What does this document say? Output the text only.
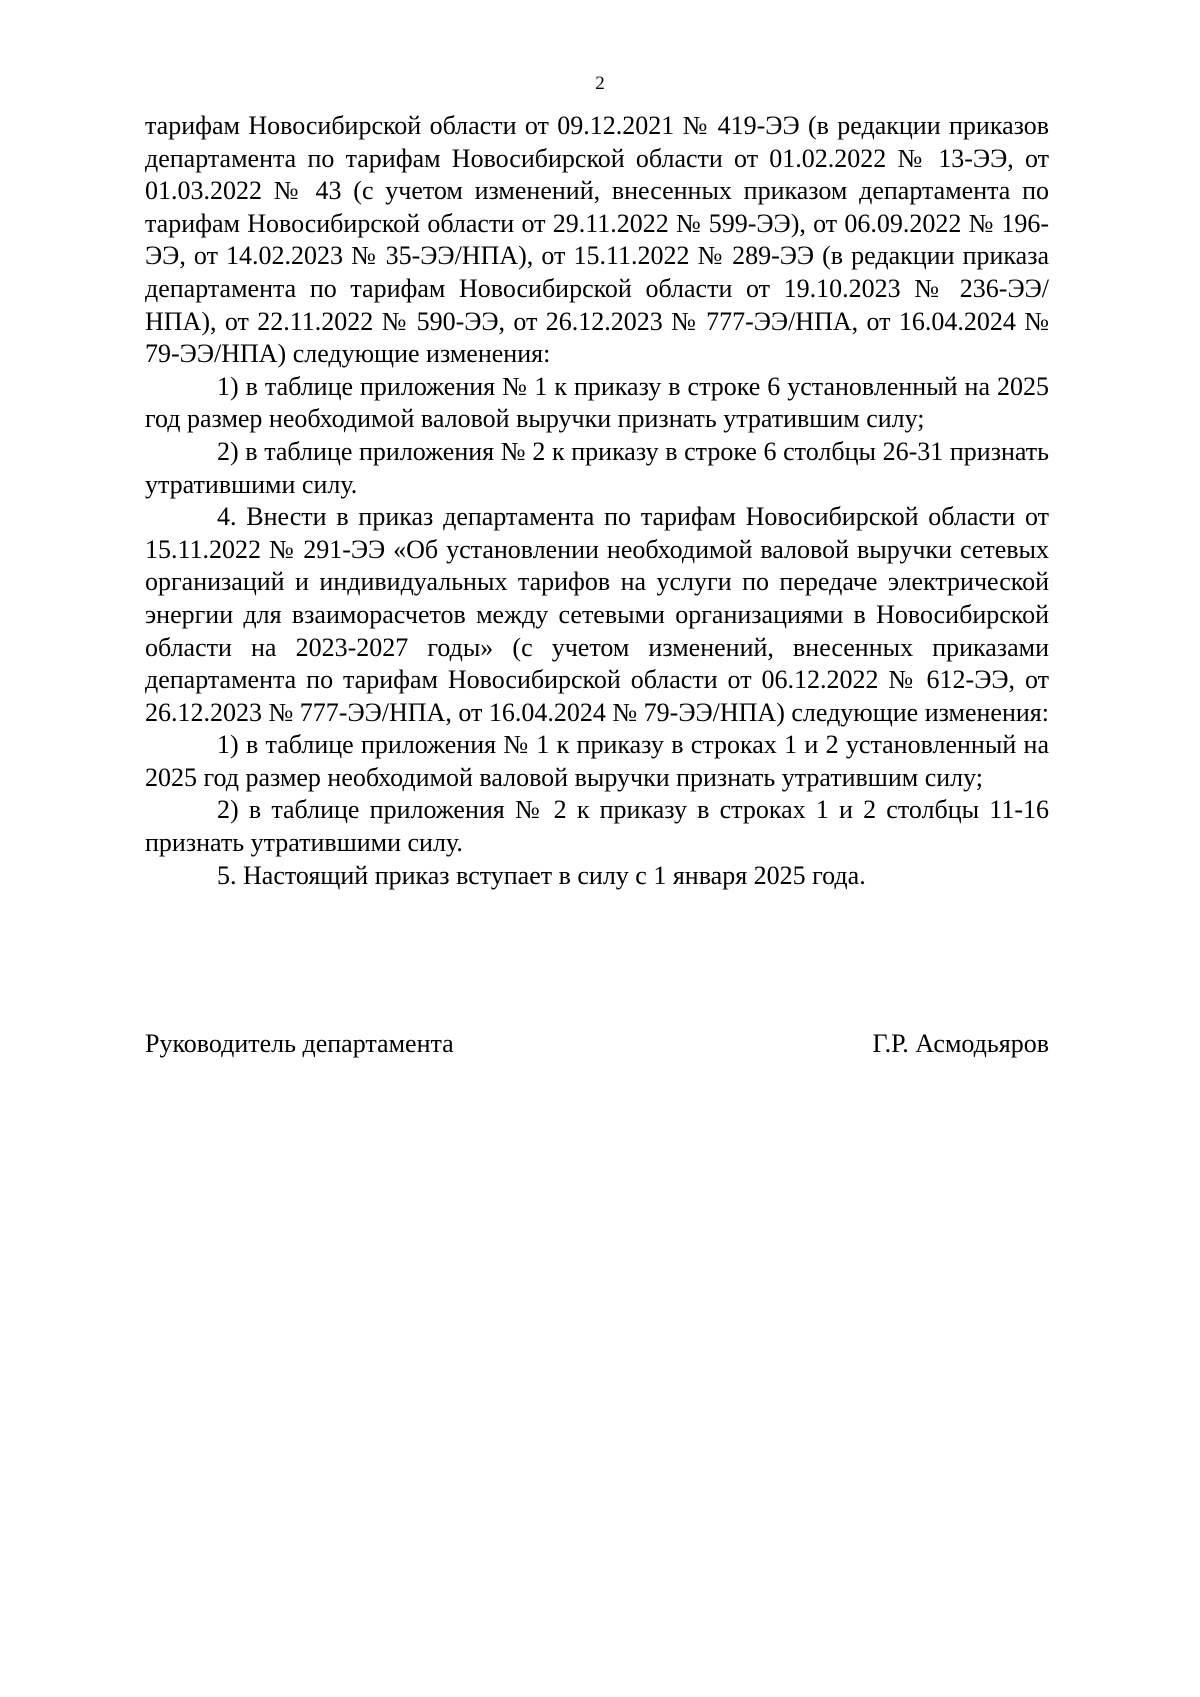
2

тарифам Новосибирской области от 09.12.2021 № 419-ЭЭ (в редакции приказов департамента по тарифам Новосибирской области от 01.02.2022 № 13-ЭЭ, от 01.03.2022 № 43 (с учетом изменений, внесенных приказом департамента по тарифам Новосибирской области от 29.11.2022 № 599-ЭЭ), от 06.09.2022 № 196-ЭЭ, от 14.02.2023 № 35-ЭЭ/НПА), от 15.11.2022 № 289-ЭЭ (в редакции приказа департамента по тарифам Новосибирской области от 19.10.2023 № 236-ЭЭ/НПА), от 22.11.2022 № 590-ЭЭ, от 26.12.2023 № 777-ЭЭ/НПА, от 16.04.2024 № 79-ЭЭ/НПА) следующие изменения:

1) в таблице приложения № 1 к приказу в строке 6 установленный на 2025 год размер необходимой валовой выручки признать утратившим силу;

2) в таблице приложения № 2 к приказу в строке 6 столбцы 26-31 признать утратившими силу.

4. Внести в приказ департамента по тарифам Новосибирской области от 15.11.2022 № 291-ЭЭ «Об установлении необходимой валовой выручки сетевых организаций и индивидуальных тарифов на услуги по передаче электрической энергии для взаиморасчетов между сетевыми организациями в Новосибирской области на 2023-2027 годы» (с учетом изменений, внесенных приказами департамента по тарифам Новосибирской области от 06.12.2022 № 612-ЭЭ, от 26.12.2023 № 777-ЭЭ/НПА, от 16.04.2024 № 79-ЭЭ/НПА) следующие изменения:

1) в таблице приложения № 1 к приказу в строках 1 и 2 установленный на 2025 год размер необходимой валовой выручки признать утратившим силу;

2) в таблице приложения № 2 к приказу в строках 1 и 2 столбцы 11-16 признать утратившими силу.

5. Настоящий приказ вступает в силу с 1 января 2025 года.

Руководитель департамента	Г.Р. Асмодьяров
